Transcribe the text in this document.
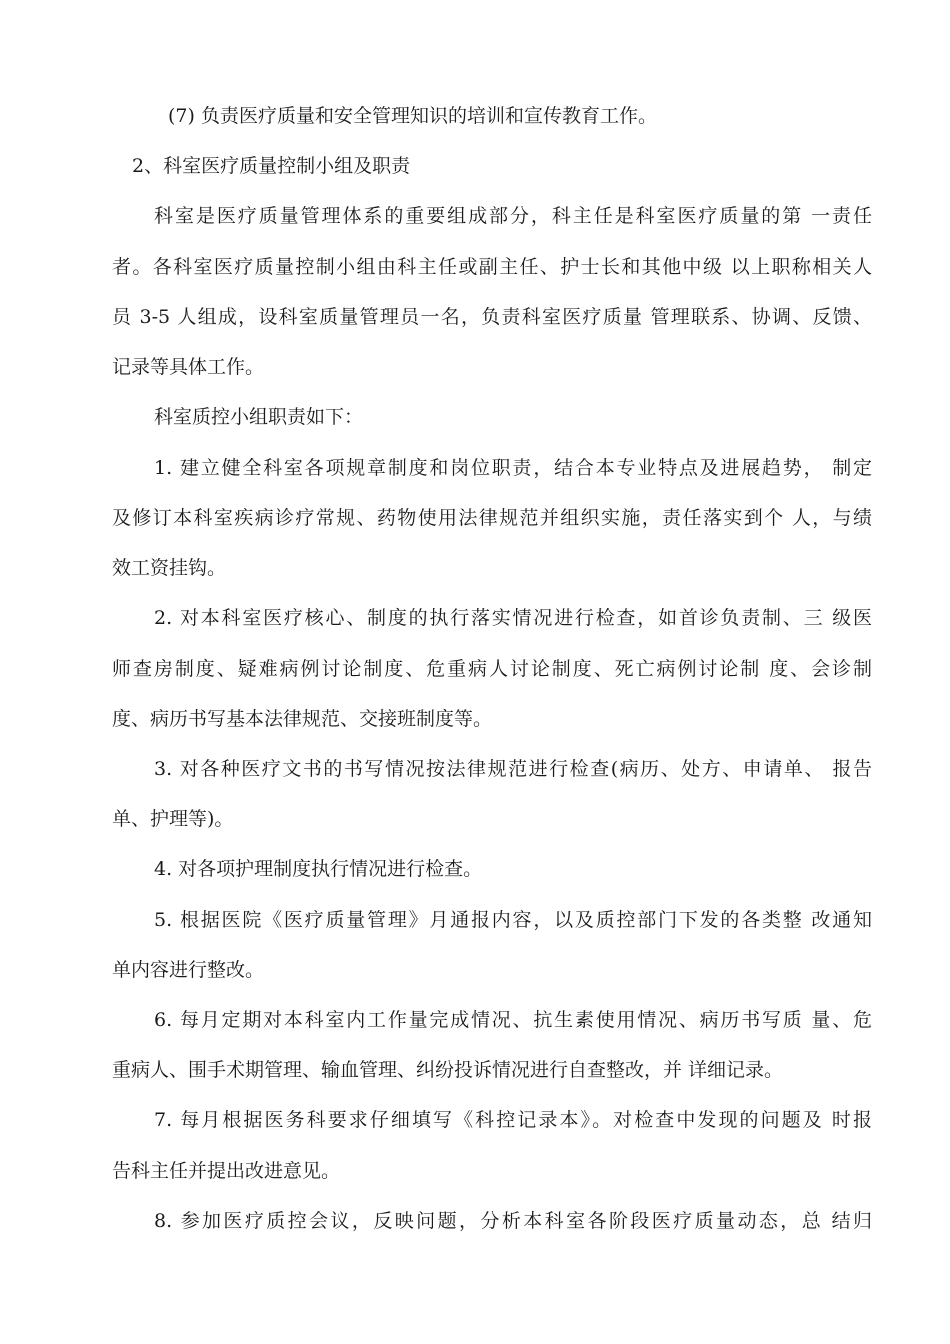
(7) 负责医疗质量和安全管理知识的培训和宣传教育工作。
2、科室医疗质量控制小组及职责
科室是医疗质量管理体系的重要组成部分，科主任是科室医疗质量的第 一责任
者。各科室医疗质量控制小组由科主任或副主任、护士长和其他中级 以上职称相关人
员 3-5 人组成，设科室质量管理员一名，负责科室医疗质量 管理联系、协调、反馈、
记录等具体工作。
科室质控小组职责如下：
1. 建立健全科室各项规章制度和岗位职责，结合本专业特点及进展趋势， 制定
及修订本科室疾病诊疗常规、药物使用法律规范并组织实施，责任落实到个 人，与绩
效工资挂钩。
2. 对本科室医疗核心、制度的执行落实情况进行检查，如首诊负责制、三 级医
师查房制度、疑难病例讨论制度、危重病人讨论制度、死亡病例讨论制 度、会诊制
度、病历书写基本法律规范、交接班制度等。
3. 对各种医疗文书的书写情况按法律规范进行检查(病历、处方、申请单、 报告
单、护理等)。
4. 对各项护理制度执行情况进行检查。
5. 根据医院《医疗质量管理》月通报内容，以及质控部门下发的各类整 改通知
单内容进行整改。
6. 每月定期对本科室内工作量完成情况、抗生素使用情况、病历书写质 量、危
重病人、围手术期管理、输血管理、纠纷投诉情况进行自查整改，并 详细记录。
7. 每月根据医务科要求仔细填写《科控记录本》。对检查中发现的问题及 时报
告科主任并提出改进意见。
8. 参加医疗质控会议，反映问题，分析本科室各阶段医疗质量动态，总 结归
